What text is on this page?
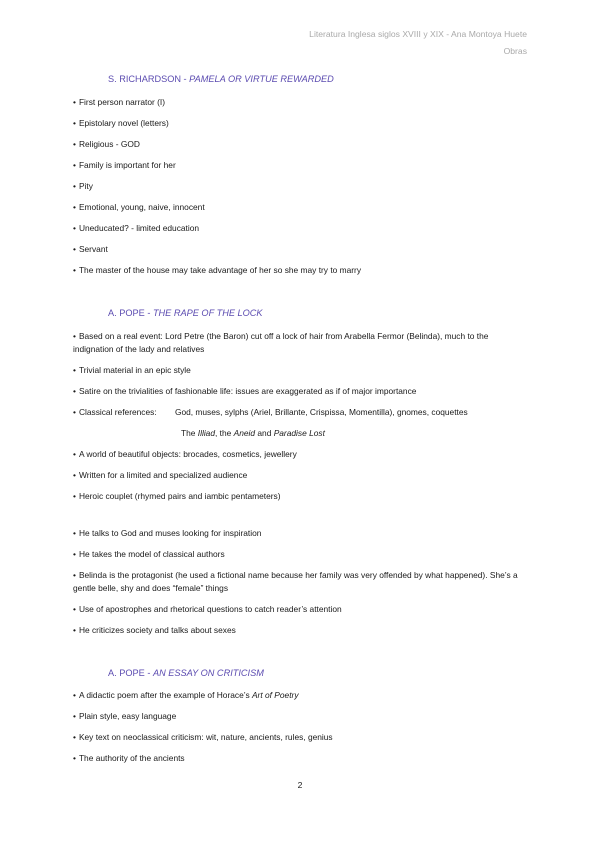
Literatura Inglesa siglos XVIII y XIX - Ana Montoya Huete
Obras
S. RICHARDSON - PAMELA OR VIRTUE REWARDED
• First person narrator (I)
• Epistolary novel (letters)
• Religious - GOD
• Family is important for her
• Pity
• Emotional, young, naive, innocent
• Uneducated? - limited education
• Servant
• The master of the house may take advantage of her so she may try to marry
A. POPE - THE RAPE OF THE LOCK
• Based on a real event: Lord Petre (the Baron) cut off a lock of hair from Arabella Fermor (Belinda), much to the indignation of the lady and relatives
• Trivial material in an epic style
• Satire on the trivialities of fashionable life: issues are exaggerated as if of major importance
• Classical references: God, muses, sylphs (Ariel, Brillante, Crispissa, Momentilla), gnomes, coquettes
The Illiad, the Aneid and Paradise Lost
• A world of beautiful objects: brocades, cosmetics, jewellery
• Written for a limited and specialized audience
• Heroic couplet (rhymed pairs and iambic pentameters)
• He talks to God and muses looking for inspiration
• He takes the model of classical authors
• Belinda is the protagonist (he used a fictional name because her family was very offended by what happened). She’s a gentle belle, shy and does “female” things
• Use of apostrophes and rhetorical questions to catch reader’s attention
• He criticizes society and talks about sexes
A. POPE - AN ESSAY ON CRITICISM
• A didactic poem after the example of Horace’s Art of Poetry
• Plain style, easy language
• Key text on neoclassical criticism: wit, nature, ancients, rules, genius
• The authority of the ancients
2
